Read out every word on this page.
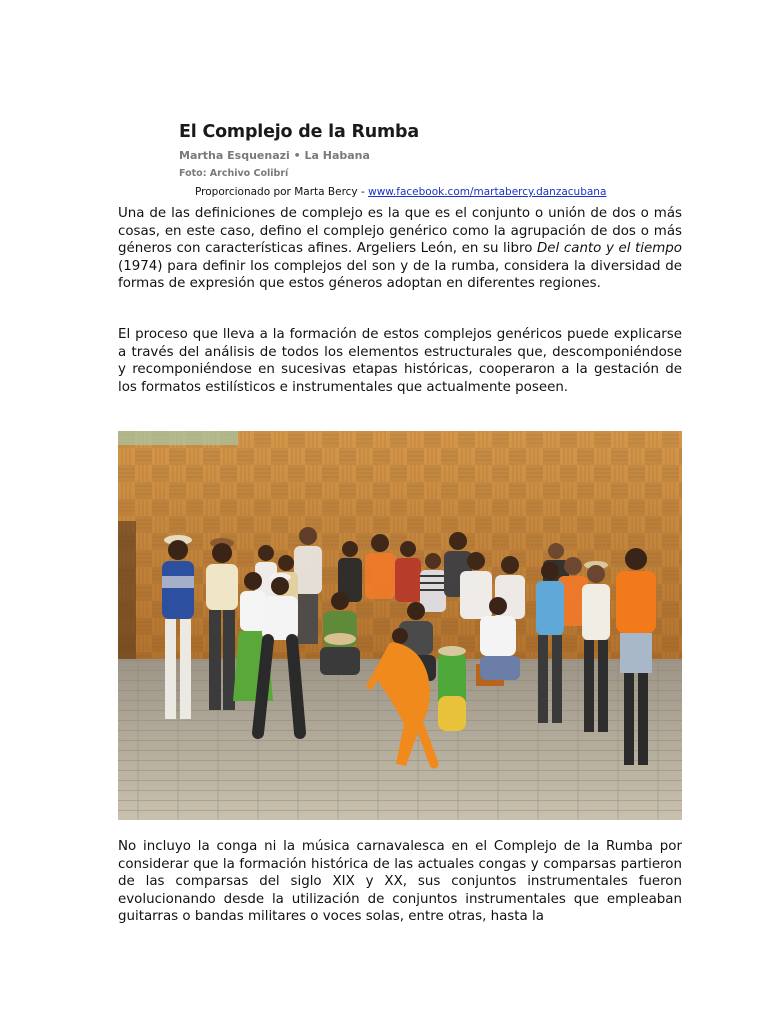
El Complejo de la Rumba
Martha Esquenazi • La Habana
Foto: Archivo Colibrí
Proporcionado por Marta Bercy - www.facebook.com/martabercy.danzacubana

Una de las definiciones de complejo es la que es el conjunto o unión de dos o más cosas, en este caso, defino el complejo genérico como la agrupación de dos o más géneros con características afines. Argeliers León, en su libro Del canto y el tiempo (1974) para definir los complejos del son y de la rumba, considera la diversidad de formas de expresión que estos géneros adoptan en diferentes regiones.

El proceso que lleva a la formación de estos complejos genéricos puede explicarse a través del análisis de todos los elementos estructurales que, descomponiéndose y recomponiéndose en sucesivas etapas históricas, cooperaron a la gestación de los formatos estilísticos e instrumentales que actualmente poseen.

No incluyo la conga ni la música carnavalesca en el Complejo de la Rumba por considerar que la formación histórica de las actuales congas y comparsas partieron de las comparsas del siglo XIX y XX, sus conjuntos instrumentales fueron evolucionando desde la utilización de conjuntos instrumentales que empleaban guitarras o bandas militares o voces solas, entre otras, hasta la
